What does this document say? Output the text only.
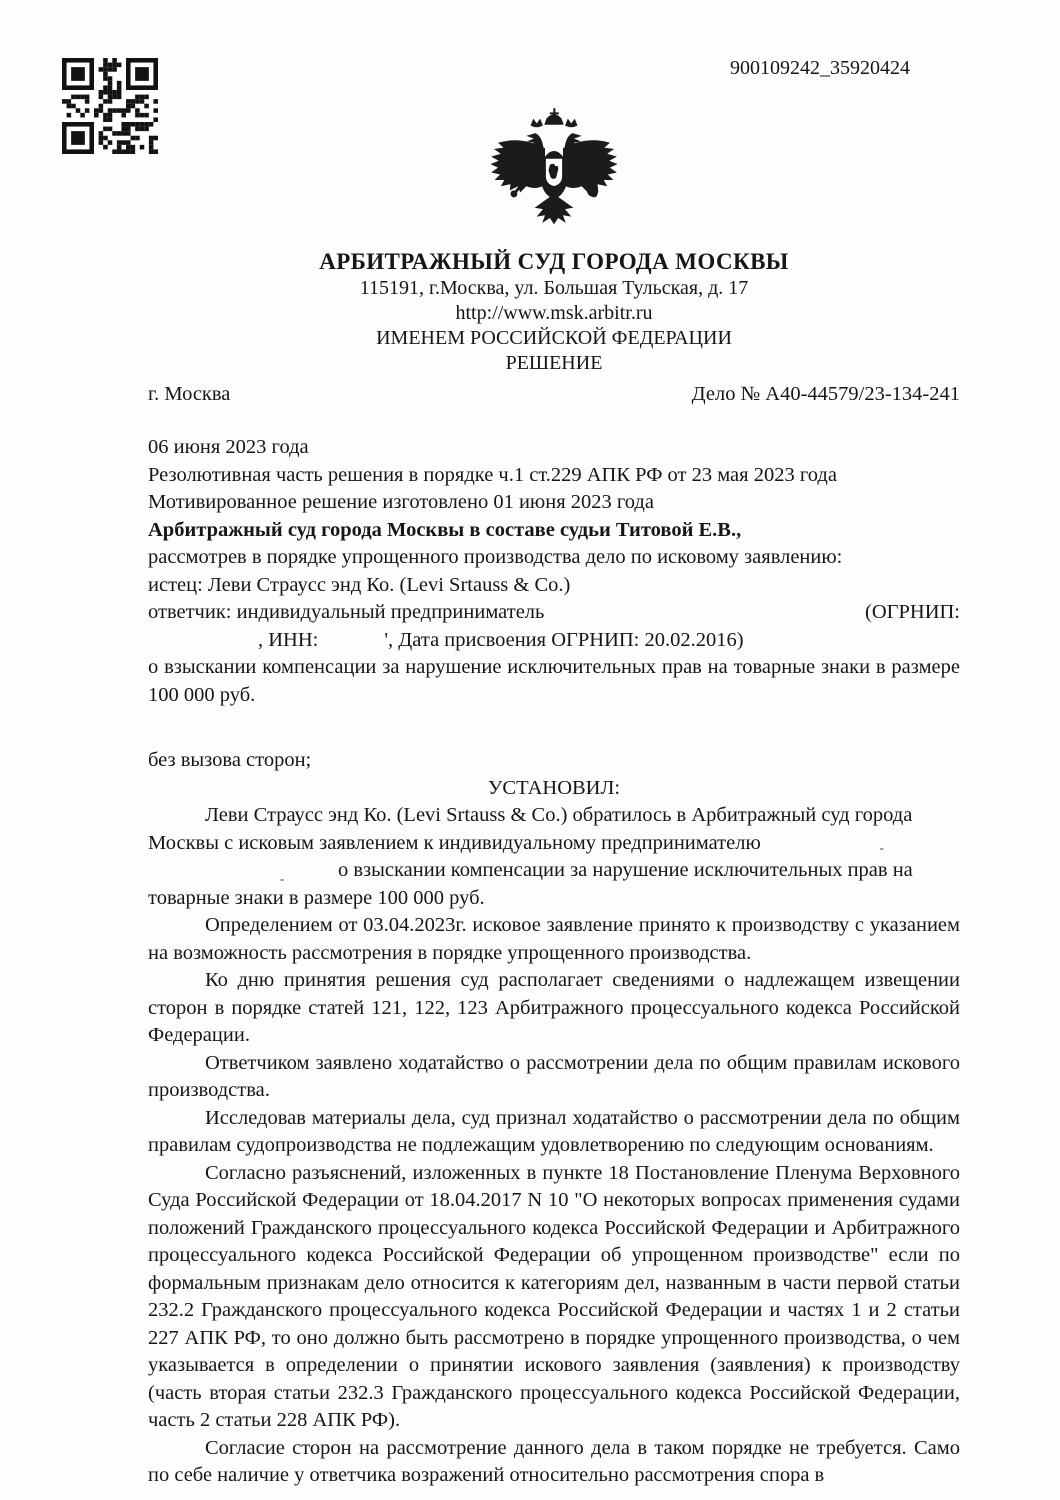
900109242_35920424
АРБИТРАЖНЫЙ СУД ГОРОДА МОСКВЫ
115191, г.Москва, ул. Большая Тульская, д. 17
http://www.msk.arbitr.ru
ИМЕНЕМ РОССИЙСКОЙ ФЕДЕРАЦИИ
РЕШЕНИЕ
г. Москва	Дело № А40-44579/23-134-241
06 июня 2023 года
Резолютивная часть решения в порядке ч.1 ст.229 АПК РФ от 23 мая 2023 года
Мотивированное решение изготовлено 01 июня 2023 года
Арбитражный суд города Москвы в составе судьи Титовой Е.В.,
рассмотрев в порядке упрощенного производства дело по исковому заявлению:
истец: Леви Страусс энд Ко. (Levi Srtauss & Co.)
ответчик: индивидуальный предприниматель	(ОГРНИП:
, ИНН:	', Дата присвоения ОГРНИП: 20.02.2016)
о взыскании компенсации за нарушение исключительных прав на товарные знаки в размере 100 000 руб.
без вызова сторон;
УСТАНОВИЛ:
Леви Страусс энд Ко. (Levi Srtauss & Co.) обратилось в Арбитражный суд города
Москвы с исковым заявлением к индивидуальному предпринимателю	-
-	о взыскании компенсации за нарушение исключительных прав на
товарные знаки в размере 100 000 руб.

Определением от 03.04.2023г. исковое заявление принято к производству с указанием на возможность рассмотрения в порядке упрощенного производства.

Ко дню принятия решения суд располагает сведениями о надлежащем извещении сторон в порядке статей 121, 122, 123 Арбитражного процессуального кодекса Российской Федерации.

Ответчиком заявлено ходатайство о рассмотрении дела по общим правилам искового производства.

Исследовав материалы дела, суд признал ходатайство о рассмотрении дела по общим правилам судопроизводства не подлежащим удовлетворению по следующим основаниям.

Согласно разъяснений, изложенных в пункте 18 Постановление Пленума Верховного Суда Российской Федерации от 18.04.2017 N 10 "О некоторых вопросах применения судами положений Гражданского процессуального кодекса Российской Федерации и Арбитражного процессуального кодекса Российской Федерации об упрощенном производстве" если по формальным признакам дело относится к категориям дел, названным в части первой статьи 232.2 Гражданского процессуального кодекса Российской Федерации и частях 1 и 2 статьи 227 АПК РФ, то оно должно быть рассмотрено в порядке упрощенного производства, о чем указывается в определении о принятии искового заявления (заявления) к производству (часть вторая статьи 232.3 Гражданского процессуального кодекса Российской Федерации, часть 2 статьи 228 АПК РФ).

Согласие сторон на рассмотрение данного дела в таком порядке не требуется. Само по себе наличие у ответчика возражений относительно рассмотрения спора в
